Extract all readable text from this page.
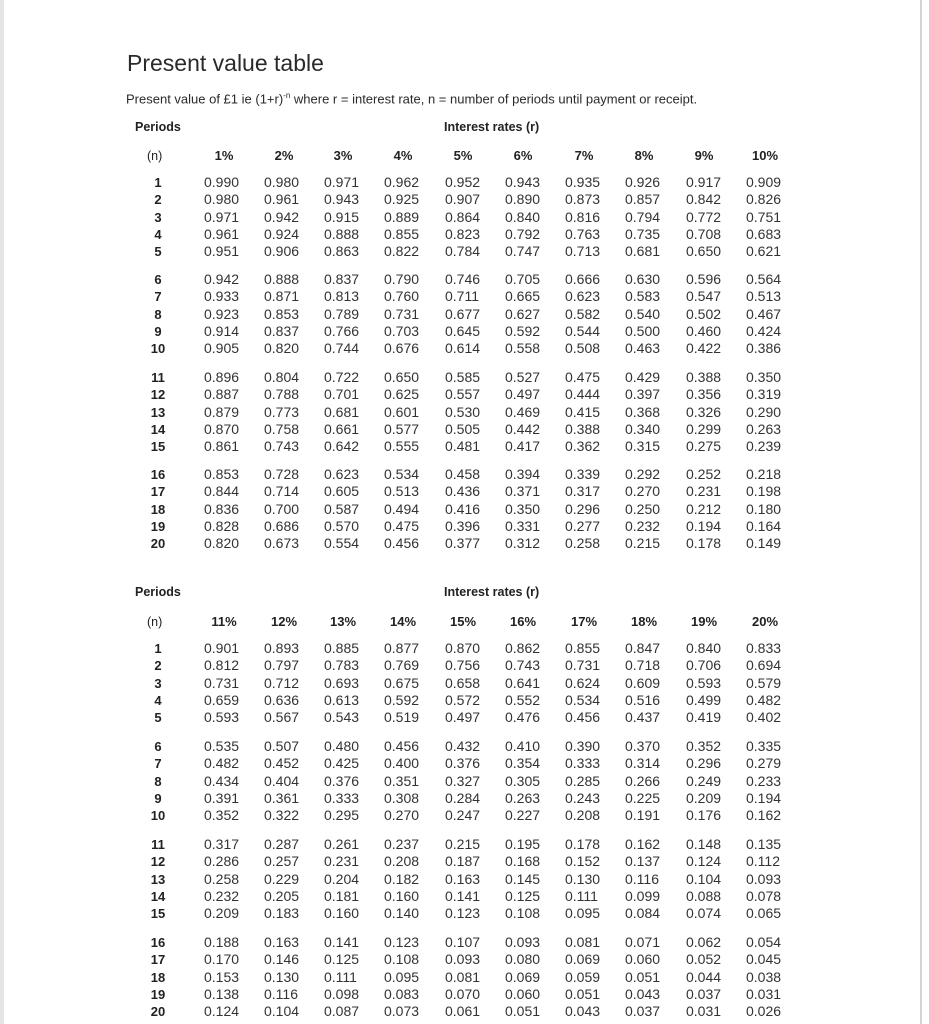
Present value table
Present value of £1 ie $(1+r)^{-n}$ where r = interest rate, n = number of periods until payment or receipt.
Periods	Interest rates (r)
(n)	1%	2%	3%	4%	5%	6%	7%	8%	9%	10%
1	0.990 0.980 0.971 0.962 0.952 0.943 0.935 0.926 0.917 0.909
2	0.980 0.961 0.943 0.925 0.907 0.890 0.873 0.857 0.842 0.826
3	0.971 0.942 0.915 0.889 0.864 0.840 0.816 0.794 0.772 0.751
4	0.961 0.924 0.888 0.855 0.823 0.792 0.763 0.735 0.708 0.683
5	0.951 0.906 0.863 0.822 0.784 0.747 0.713 0.681 0.650 0.621
6	0.942 0.888 0.837 0.790 0.746 0.705 0.666 0.630 0.596 0.564
7	0.933 0.871 0.813 0.760 0.711 0.665 0.623 0.583 0.547 0.513
8	0.923 0.853 0.789 0.731 0.677 0.627 0.582 0.540 0.502 0.467
9	0.914 0.837 0.766 0.703 0.645 0.592 0.544 0.500 0.460 0.424
10	0.905 0.820 0.744 0.676 0.614 0.558 0.508 0.463 0.422 0.386
11	0.896 0.804 0.722 0.650 0.585 0.527 0.475 0.429 0.388 0.350
12	0.887 0.788 0.701 0.625 0.557 0.497 0.444 0.397 0.356 0.319
13	0.879 0.773 0.681 0.601 0.530 0.469 0.415 0.368 0.326 0.290
14	0.870 0.758 0.661 0.577 0.505 0.442 0.388 0.340 0.299 0.263
15	0.861 0.743 0.642 0.555 0.481 0.417 0.362 0.315 0.275 0.239
16	0.853 0.728 0.623 0.534 0.458 0.394 0.339 0.292 0.252 0.218
17	0.844 0.714 0.605 0.513 0.436 0.371 0.317 0.270 0.231 0.198
18	0.836 0.700 0.587 0.494 0.416 0.350 0.296 0.250 0.212 0.180
19	0.828 0.686 0.570 0.475 0.396 0.331 0.277 0.232 0.194 0.164
20	0.820 0.673 0.554 0.456 0.377 0.312 0.258 0.215 0.178 0.149
Periods	Interest rates (r)
(n)	11%	12%	13%	14%	15%	16%	17%	18%	19%	20%
1	0.901 0.893 0.885 0.877 0.870 0.862 0.855 0.847 0.840 0.833
2	0.812 0.797 0.783 0.769 0.756 0.743 0.731 0.718 0.706 0.694
3	0.731 0.712 0.693 0.675 0.658 0.641 0.624 0.609 0.593 0.579
4	0.659 0.636 0.613 0.592 0.572 0.552 0.534 0.516 0.499 0.482
5	0.593 0.567 0.543 0.519 0.497 0.476 0.456 0.437 0.419 0.402
6	0.535 0.507 0.480 0.456 0.432 0.410 0.390 0.370 0.352 0.335
7	0.482 0.452 0.425 0.400 0.376 0.354 0.333 0.314 0.296 0.279
8	0.434 0.404 0.376 0.351 0.327 0.305 0.285 0.266 0.249 0.233
9	0.391 0.361 0.333 0.308 0.284 0.263 0.243 0.225 0.209 0.194
10	0.352 0.322 0.295 0.270 0.247 0.227 0.208 0.191 0.176 0.162
11	0.317 0.287 0.261 0.237 0.215 0.195 0.178 0.162 0.148 0.135
12	0.286 0.257 0.231 0.208 0.187 0.168 0.152 0.137 0.124 0.112
13	0.258 0.229 0.204 0.182 0.163 0.145 0.130 0.116 0.104 0.093
14	0.232 0.205 0.181 0.160 0.141 0.125 0.111 0.099 0.088 0.078
15	0.209 0.183 0.160 0.140 0.123 0.108 0.095 0.084 0.074 0.065
16	0.188 0.163 0.141 0.123 0.107 0.093 0.081 0.071 0.062 0.054
17	0.170 0.146 0.125 0.108 0.093 0.080 0.069 0.060 0.052 0.045
18	0.153 0.130 0.111 0.095 0.081 0.069 0.059 0.051 0.044 0.038
19	0.138 0.116 0.098 0.083 0.070 0.060 0.051 0.043 0.037 0.031
20	0.124 0.104 0.087 0.073 0.061 0.051 0.043 0.037 0.031 0.026
